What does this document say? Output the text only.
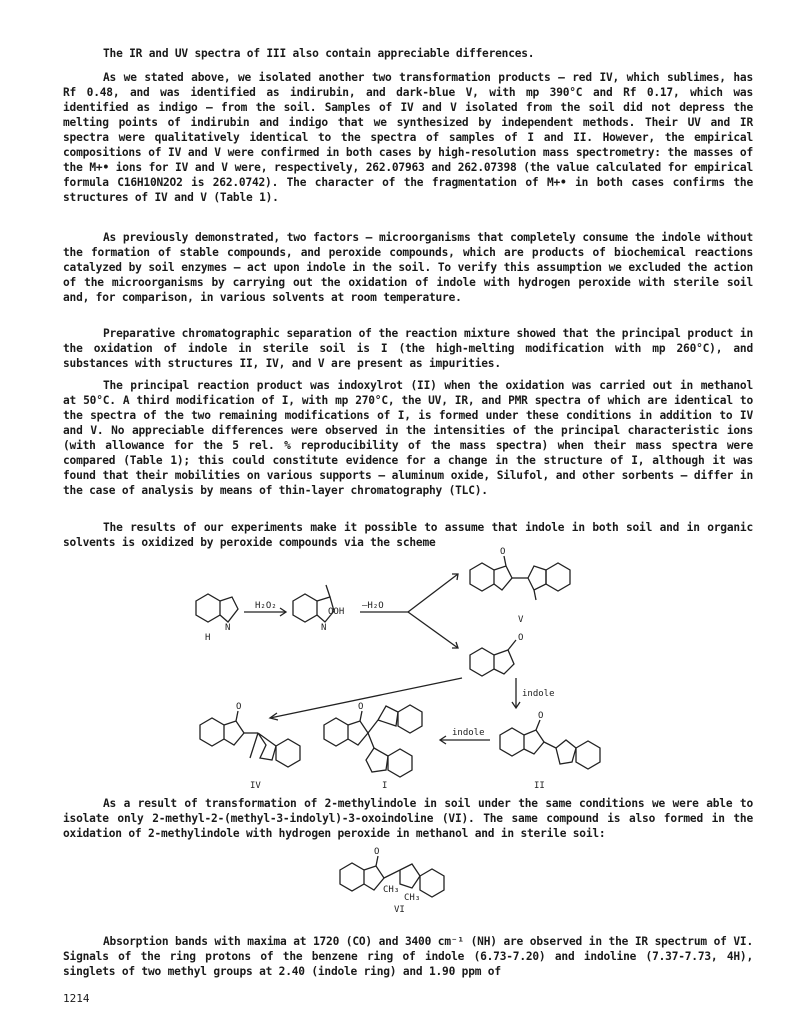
The IR and UV spectra of III also contain appreciable differences.
As we stated above, we isolated another two transformation products — red IV, which sublimes, has Rf 0.48, and was identified as indirubin, and dark-blue V, with mp 390°C and Rf 0.17, which was identified as indigo — from the soil. Samples of IV and V isolated from the soil did not depress the melting points of indirubin and indigo that we synthesized by independent methods. Their UV and IR spectra were qualitatively identical to the spectra of samples of I and II. However, the empirical compositions of IV and V were confirmed in both cases by high-resolution mass spectrometry: the masses of the M+• ions for IV and V were, respectively, 262.07963 and 262.07398 (the value calculated for empirical formula C16H10N2O2 is 262.0742). The character of the fragmentation of M+• in both cases confirms the structures of IV and V (Table 1).
As previously demonstrated, two factors — microorganisms that completely consume the indole without the formation of stable compounds, and peroxide compounds, which are products of biochemical reactions catalyzed by soil enzymes — act upon indole in the soil. To verify this assumption we excluded the action of the microorganisms by carrying out the oxidation of indole with hydrogen peroxide with sterile soil and, for comparison, in various solvents at room temperature.
Preparative chromatographic separation of the reaction mixture showed that the principal product in the oxidation of indole in sterile soil is I (the high-melting modification with mp 260°C), and substances with structures II, IV, and V are present as impurities.
The principal reaction product was indoxylrot (II) when the oxidation was carried out in methanol at 50°C. A third modification of I, with mp 270°C, the UV, IR, and PMR spectra of which are identical to the spectra of the two remaining modifications of I, is formed under these conditions in addition to IV and V. No appreciable differences were observed in the intensities of the principal characteristic ions (with allowance for the 5 rel. % reproducibility of the mass spectra) when their mass spectra were compared (Table 1); this could constitute evidence for a change in the structure of I, although it was found that their mobilities on various supports — aluminum oxide, Silufol, and other sorbents — differ in the case of analysis by means of thin-layer chromatography (TLC).
The results of our experiments make it possible to assume that indole in both soil and in organic solvents is oxidized by peroxide compounds via the scheme
H₂O₂	–H₂O
OOH
V
indole
indole
IV	I	II
VI
CH₃
CH₃
H
N	N
O
O
O	O
O
O
As a result of transformation of 2-methylindole in soil under the same conditions we were able to isolate only 2-methyl-2-(methyl-3-indolyl)-3-oxoindoline (VI). The same compound is also formed in the oxidation of 2-methylindole with hydrogen peroxide in methanol and in sterile soil:
Absorption bands with maxima at 1720 (CO) and 3400 cm⁻¹ (NH) are observed in the IR spectrum of VI. Signals of the ring protons of the benzene ring of indole (6.73-7.20) and indoline (7.37-7.73, 4H), singlets of two methyl groups at 2.40 (indole ring) and 1.90 ppm of
1214
